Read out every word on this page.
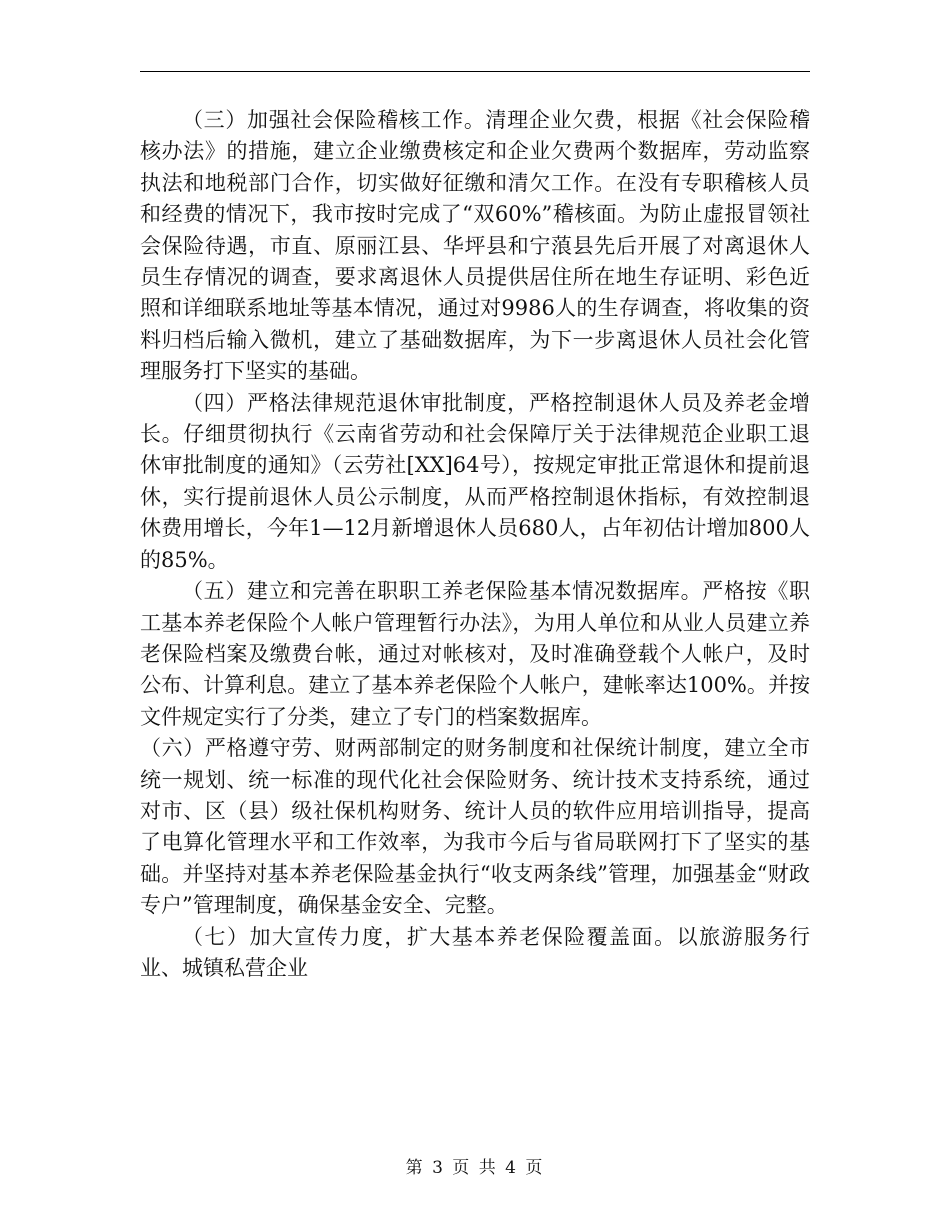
（三）加强社会保险稽核工作。清理企业欠费，根据《社会保险稽核办法》的措施，建立企业缴费核定和企业欠费两个数据库，劳动监察执法和地税部门合作，切实做好征缴和清欠工作。在没有专职稽核人员和经费的情况下，我市按时完成了“双60%”稽核面。为防止虚报冒领社会保险待遇，市直、原丽江县、华坪县和宁蒗县先后开展了对离退休人员生存情况的调查，要求离退休人员提供居住所在地生存证明、彩色近照和详细联系地址等基本情况，通过对9986人的生存调查，将收集的资料归档后输入微机，建立了基础数据库，为下一步离退休人员社会化管理服务打下坚实的基础。

（四）严格法律规范退休审批制度，严格控制退休人员及养老金增长。仔细贯彻执行《云南省劳动和社会保障厅关于法律规范企业职工退休审批制度的通知》（云劳社[XX]64号），按规定审批正常退休和提前退休，实行提前退休人员公示制度，从而严格控制退休指标，有效控制退休费用增长，今年1—12月新增退休人员680人，占年初估计增加800人的85%。

（五）建立和完善在职职工养老保险基本情况数据库。严格按《职工基本养老保险个人帐户管理暂行办法》，为用人单位和从业人员建立养老保险档案及缴费台帐，通过对帐核对，及时准确登载个人帐户，及时公布、计算利息。建立了基本养老保险个人帐户，建帐率达100%。并按文件规定实行了分类，建立了专门的档案数据库。

（六）严格遵守劳、财两部制定的财务制度和社保统计制度，建立全市统一规划、统一标准的现代化社会保险财务、统计技术支持系统，通过对市、区（县）级社保机构财务、统计人员的软件应用培训指导，提高了电算化管理水平和工作效率，为我市今后与省局联网打下了坚实的基础。并坚持对基本养老保险基金执行“收支两条线”管理，加强基金“财政专户”管理制度，确保基金安全、完整。

（七）加大宣传力度，扩大基本养老保险覆盖面。以旅游服务行业、城镇私营企业

第 3 页 共 4 页
